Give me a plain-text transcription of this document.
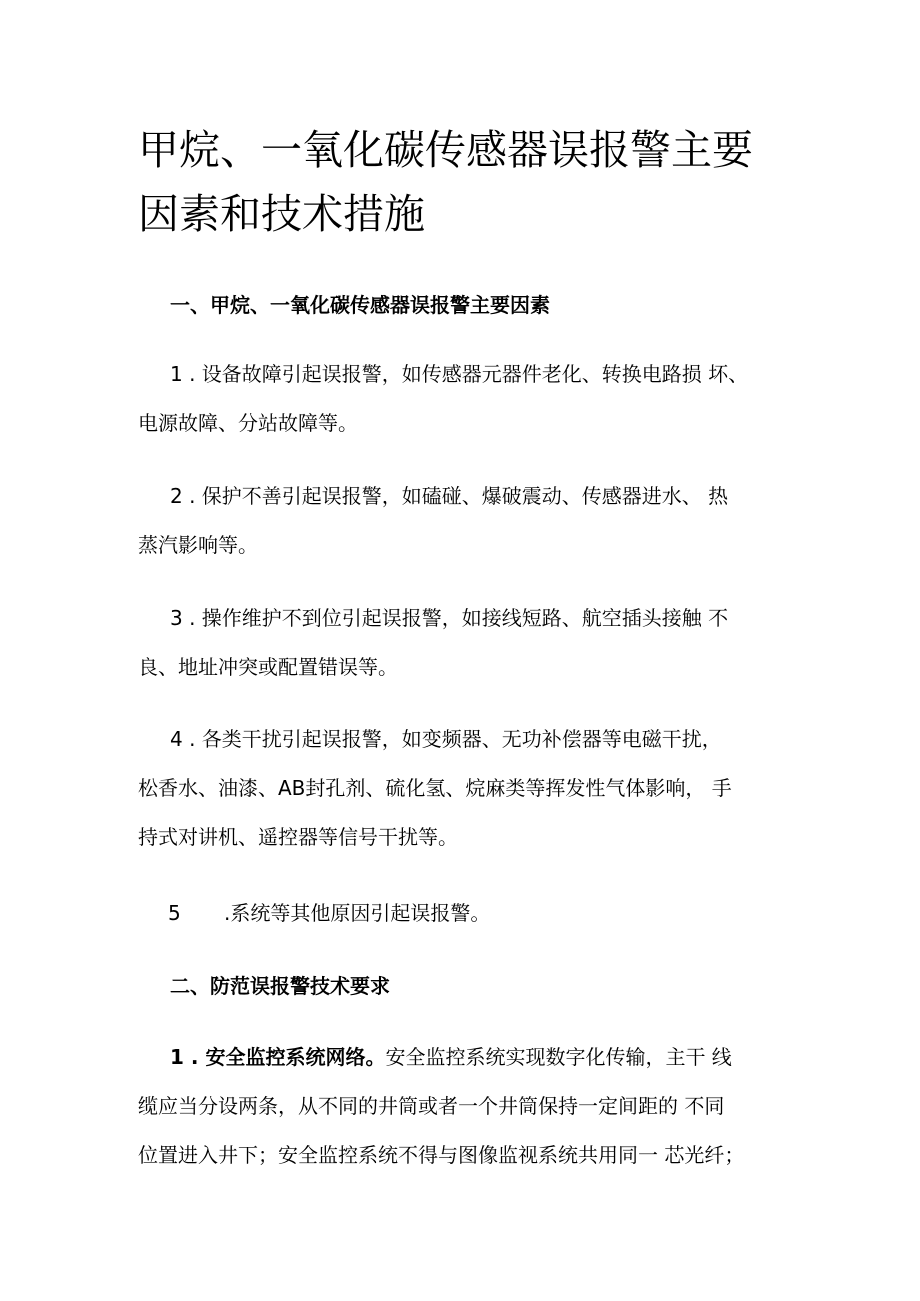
甲烷、一氧化碳传感器误报警主要
因素和技术措施
一、甲烷、一氧化碳传感器误报警主要因素

1 . 设备故障引起误报警，如传感器元器件老化、转换电路损 坏、
电源故障、分站故障等。

2 . 保护不善引起误报警，如磕碰、爆破震动、传感器进水、 热
蒸汽影响等。

3 . 操作维护不到位引起误报警，如接线短路、航空插头接触 不
良、地址冲突或配置错误等。

4 . 各类干扰引起误报警，如变频器、无功补偿器等电磁干扰，
松香水、油漆、AB封孔剂、硫化氢、烷麻类等挥发性气体影响， 手
持式对讲机、遥控器等信号干扰等。

5 .系统等其他原因引起误报警。

二、防范误报警技术要求

1 . 安全监控系统网络。安全监控系统实现数字化传输，主干 线
缆应当分设两条，从不同的井筒或者一个井筒保持一定间距的 不同
位置进入井下；安全监控系统不得与图像监视系统共用同一 芯光纤；
